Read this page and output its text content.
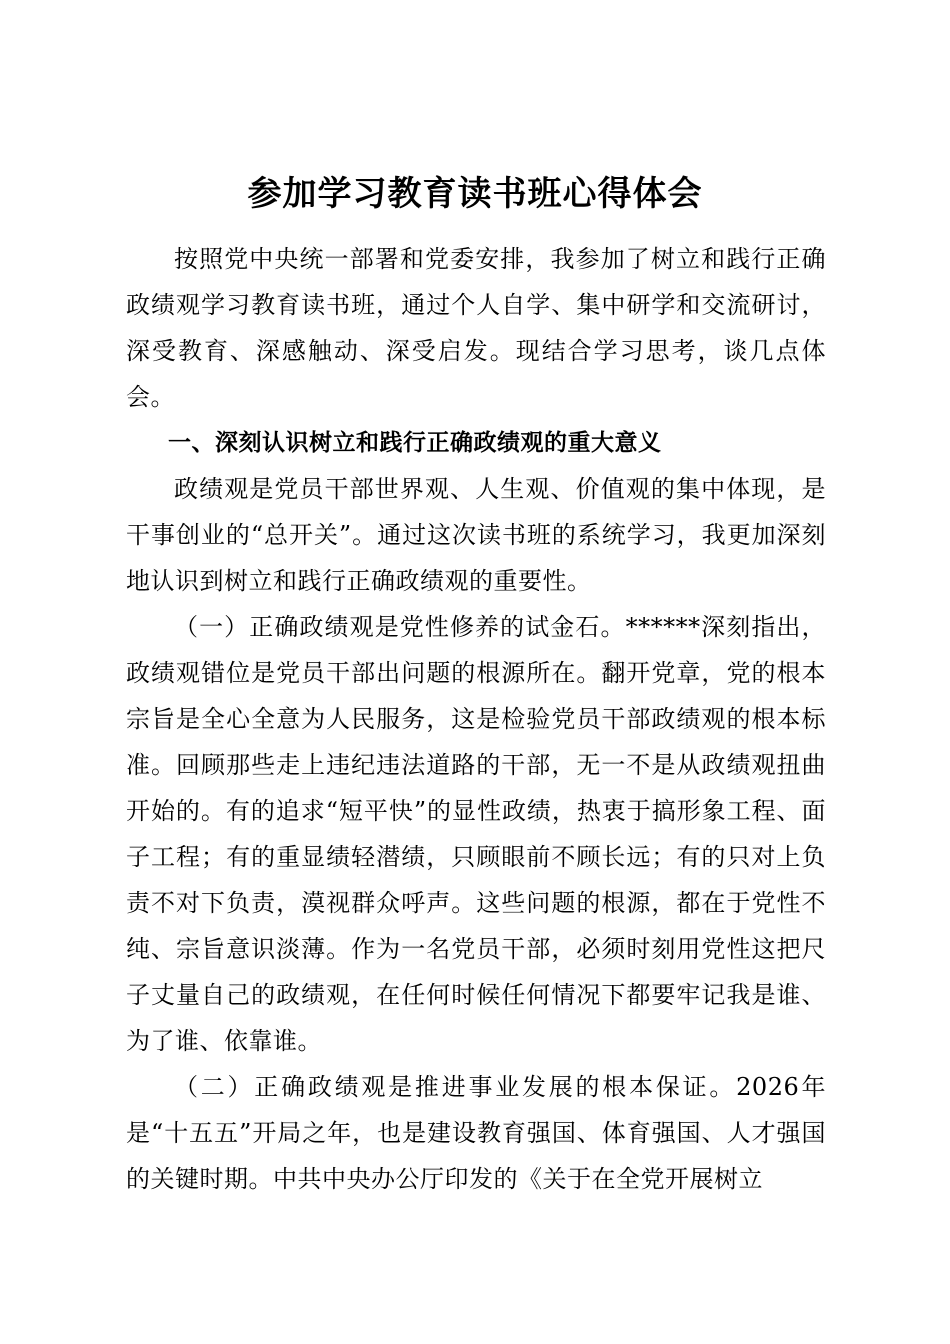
参加学习教育读书班心得体会

按照党中央统一部署和党委安排，我参加了树立和践行正确政绩观学习教育读书班，通过个人自学、集中研学和交流研讨，深受教育、深感触动、深受启发。现结合学习思考，谈几点体会。

一、深刻认识树立和践行正确政绩观的重大意义

政绩观是党员干部世界观、人生观、价值观的集中体现，是干事创业的“总开关”。通过这次读书班的系统学习，我更加深刻地认识到树立和践行正确政绩观的重要性。

（一）正确政绩观是党性修养的试金石。******深刻指出，政绩观错位是党员干部出问题的根源所在。翻开党章，党的根本宗旨是全心全意为人民服务，这是检验党员干部政绩观的根本标准。回顾那些走上违纪违法道路的干部，无一不是从政绩观扭曲开始的。有的追求“短平快”的显性政绩，热衷于搞形象工程、面子工程；有的重显绩轻潜绩，只顾眼前不顾长远；有的只对上负责不对下负责，漠视群众呼声。这些问题的根源，都在于党性不纯、宗旨意识淡薄。作为一名党员干部，必须时刻用党性这把尺子丈量自己的政绩观，在任何时候任何情况下都要牢记我是谁、为了谁、依靠谁。

（二）正确政绩观是推进事业发展的根本保证。2026年是“十五五”开局之年，也是建设教育强国、体育强国、人才强国的关键时期。中共中央办公厅印发的《关于在全党开展树立
